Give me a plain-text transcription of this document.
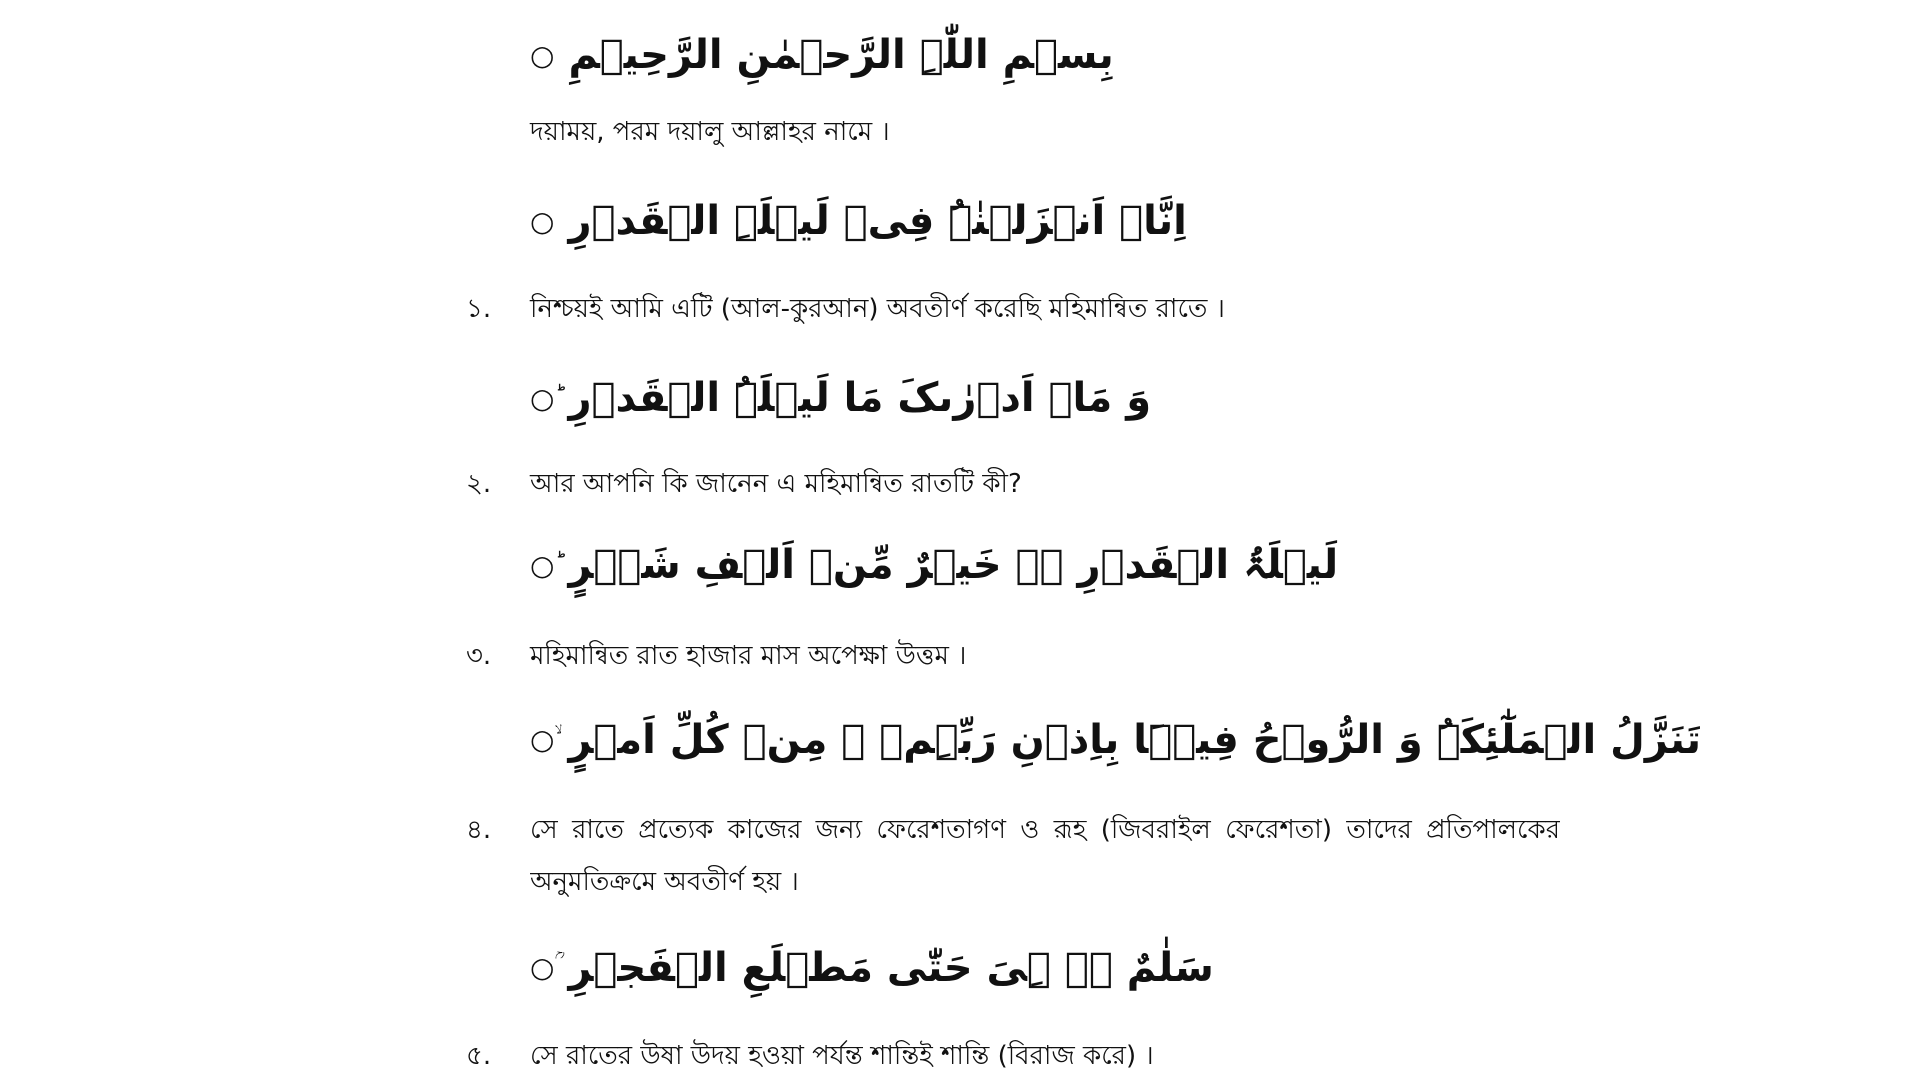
بِسۡمِ اللّٰہِ الرَّحۡمٰنِ الرَّحِیۡمِ
○
দয়াময়, পরম দয়ালু আল্লাহর নামে ।
اِنَّاۤ اَنۡزَلۡنٰہُ فِیۡ لَیۡلَۃِ الۡقَدۡرِ
○
১. নিশ্চয়ই আমি এটি (আল-কুরআন) অবতীর্ণ করেছি মহিমান্বিত রাতে ।
وَ مَاۤ اَدۡرٰىکَ مَا لَیۡلَۃُ الۡقَدۡرِ
ؕ○
২. আর আপনি কি জানেন এ মহিমান্বিত রাতটি কী?
لَیۡلَۃُ الۡقَدۡرِ ۬ۙ خَیۡرٌ مِّنۡ اَلۡفِ شَہۡرٍ
ؕ○
৩. মহিমান্বিত রাত হাজার মাস অপেক্ষা উত্তম ।
تَنَزَّلُ الۡمَلٰٓئِکَۃُ وَ الرُّوۡحُ فِیۡہَا بِاِذۡنِ رَبِّہِمۡ ۚ مِنۡ کُلِّ اَمۡرٍ
ۙ○
৪. সে রাতে প্রত্যেক কাজের জন্য ফেরেশতাগণ ও রূহ (জিবরাইল ফেরেশতা) তাদের প্রতিপালকের অনুমতিক্রমে অবতীর্ণ হয় ।
سَلٰمٌ ۟ۛ ہِیَ حَتّٰی مَطۡلَعِ الۡفَجۡرِ
ؒ○
৫. সে রাতের উষা উদয় হওয়া পর্যন্ত শান্তিই শান্তি (বিরাজ করে) ।
